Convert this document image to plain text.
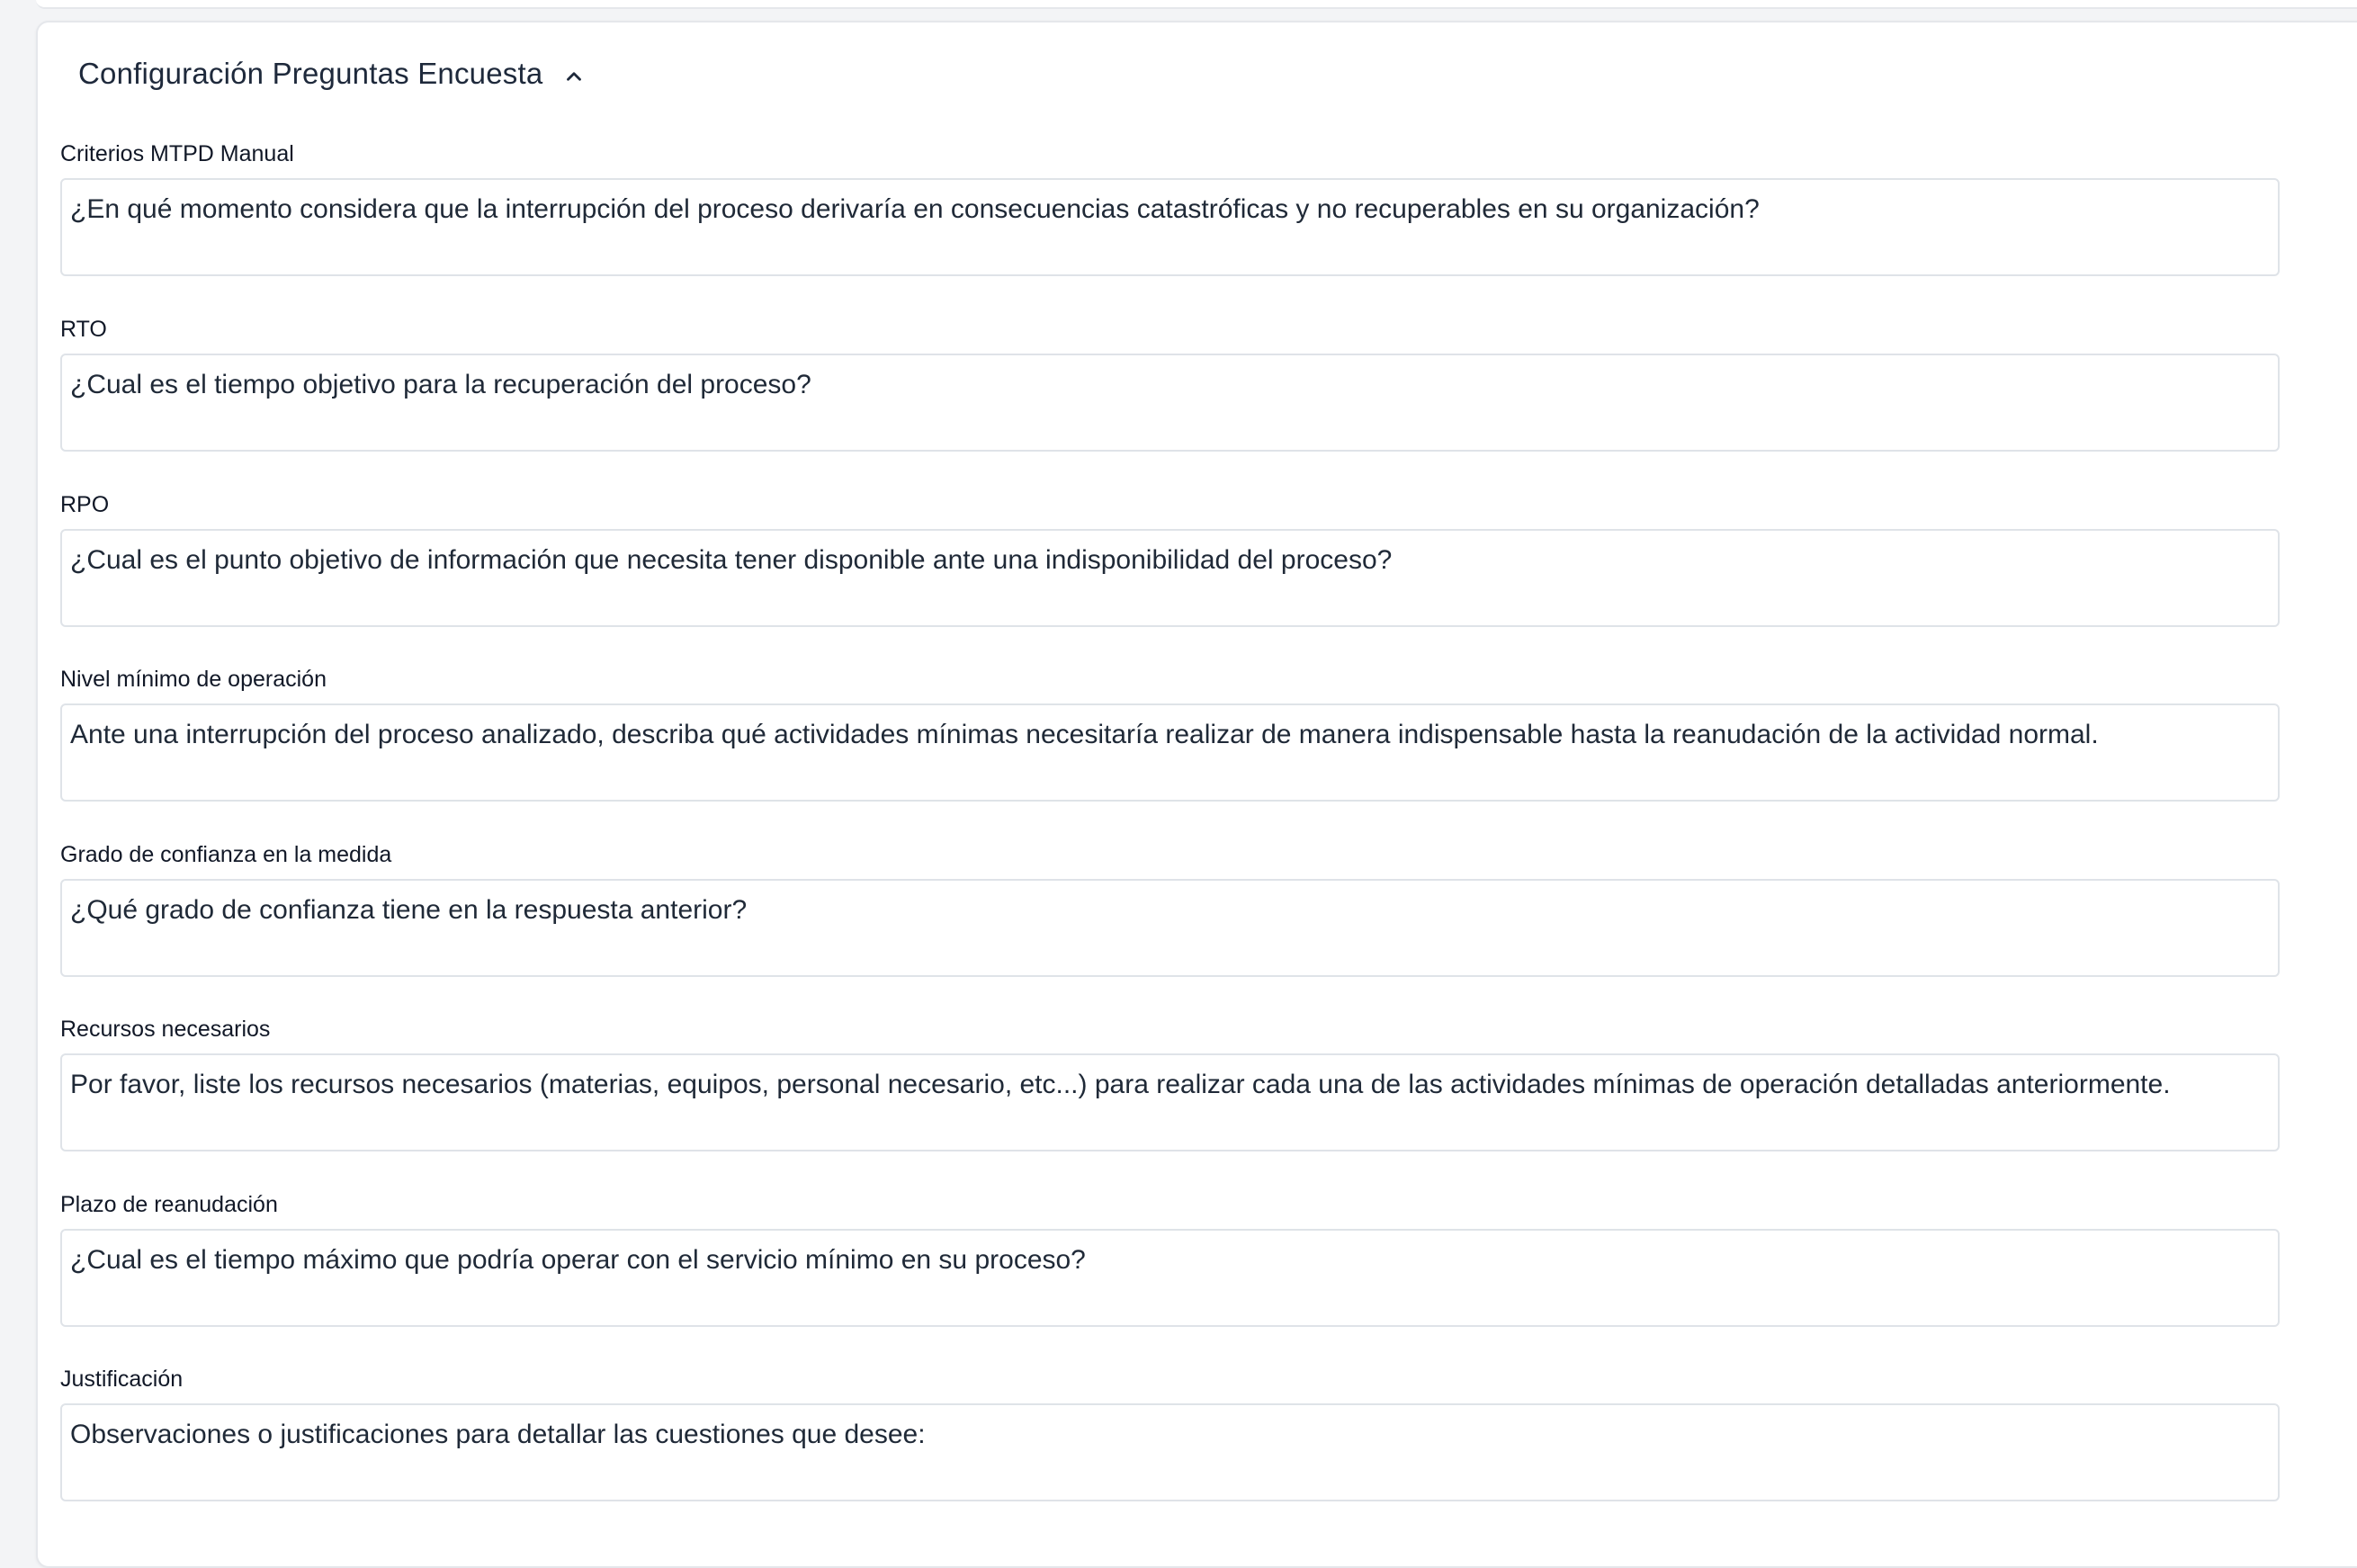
Configuración Preguntas Encuesta
Criterios MTPD Manual
¿En qué momento considera que la interrupción del proceso derivaría en consecuencias catastróficas y no recuperables en su organización?
RTO
¿Cual es el tiempo objetivo para la recuperación del proceso?
RPO
¿Cual es el punto objetivo de información que necesita tener disponible ante una indisponibilidad del proceso?
Nivel mínimo de operación
Ante una interrupción del proceso analizado, describa qué actividades mínimas necesitaría realizar de manera indispensable hasta la reanudación de la actividad normal.
Grado de confianza en la medida
¿Qué grado de confianza tiene en la respuesta anterior?
Recursos necesarios
Por favor, liste los recursos necesarios (materias, equipos, personal necesario, etc...) para realizar cada una de las actividades mínimas de operación detalladas anteriormente.
Plazo de reanudación
¿Cual es el tiempo máximo que podría operar con el servicio mínimo en su proceso?
Justificación
Observaciones o justificaciones para detallar las cuestiones que desee:
